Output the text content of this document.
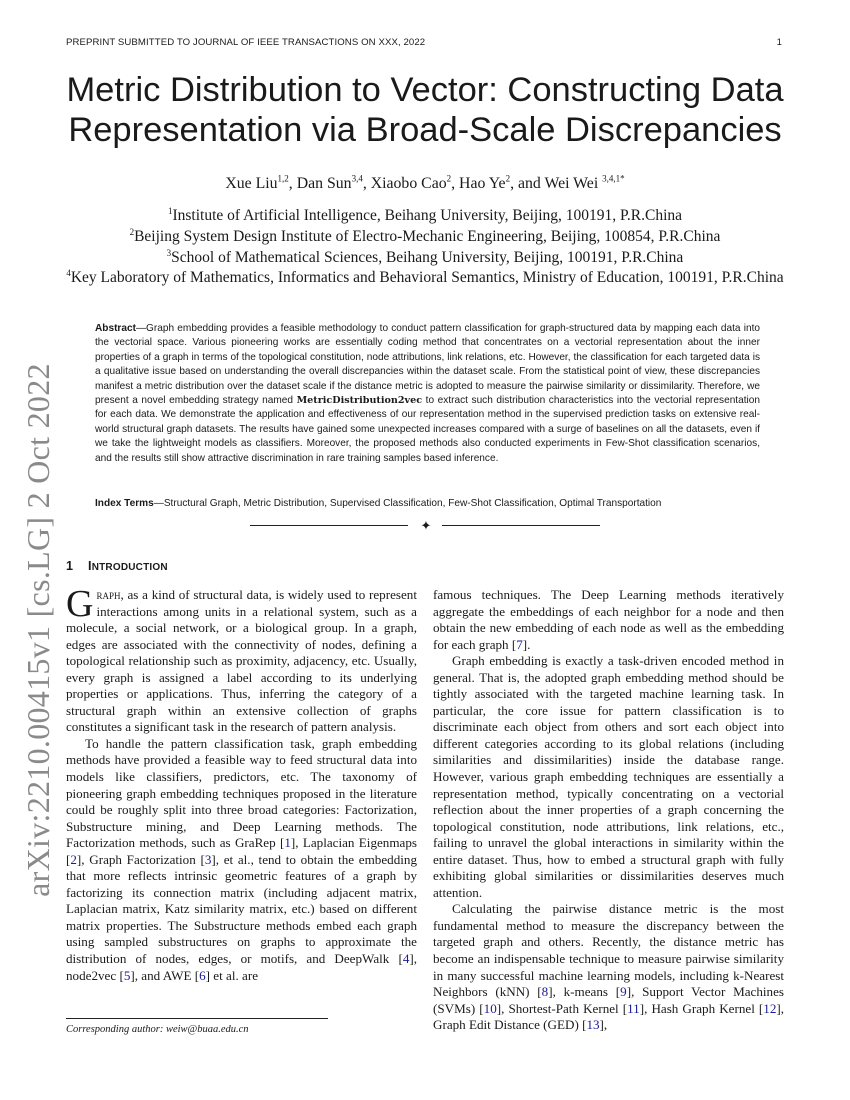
PREPRINT SUBMITTED TO JOURNAL OF IEEE TRANSACTIONS ON XXX, 2022	1
arXiv:2210.00415v1 [cs.LG] 2 Oct 2022
Metric Distribution to Vector: Constructing Data Representation via Broad-Scale Discrepancies
Xue Liu$^{1,2}$, Dan Sun$^{3,4}$, Xiaobo Cao$^2$, Hao Ye$^2$, and Wei Wei $^{3,4,1*}$
$^1$Institute of Artificial Intelligence, Beihang University, Beijing, 100191, P.R.China
$^2$Beijing System Design Institute of Electro-Mechanic Engineering, Beijing, 100854, P.R.China
$^3$School of Mathematical Sciences, Beihang University, Beijing, 100191, P.R.China
$^4$Key Laboratory of Mathematics, Informatics and Behavioral Semantics, Ministry of Education, 100191, P.R.China
Abstract—Graph embedding provides a feasible methodology to conduct pattern classification for graph-structured data by mapping each data into the vectorial space. Various pioneering works are essentially coding method that concentrates on a vectorial representation about the inner properties of a graph in terms of the topological constitution, node attributions, link relations, etc. However, the classification for each targeted data is a qualitative issue based on understanding the overall discrepancies within the dataset scale. From the statistical point of view, these discrepancies manifest a metric distribution over the dataset scale if the distance metric is adopted to measure the pairwise similarity or dissimilarity. Therefore, we present a novel embedding strategy named MetricDistribution2vec to extract such distribution characteristics into the vectorial representation for each data. We demonstrate the application and effectiveness of our representation method in the supervised prediction tasks on extensive real-world structural graph datasets. The results have gained some unexpected increases compared with a surge of baselines on all the datasets, even if we take the lightweight models as classifiers. Moreover, the proposed methods also conducted experiments in Few-Shot classification scenarios, and the results still show attractive discrimination in rare training samples based inference.
Index Terms—Structural Graph, Metric Distribution, Supervised Classification, Few-Shot Classification, Optimal Transportation
✦
1 INTRODUCTION

Graph, as a kind of structural data, is widely used to represent interactions among units in a relational system, such as a molecule, a social network, or a biological group. In a graph, edges are associated with the connectivity of nodes, defining a topological relationship such as proximity, adjacency, etc. Usually, every graph is assigned a label according to its underlying properties or applications. Thus, inferring the category of a structural graph within an extensive collection of graphs constitutes a significant task in the research of pattern analysis.

To handle the pattern classification task, graph embedding methods have provided a feasible way to feed structural data into models like classifiers, predictors, etc. The taxonomy of pioneering graph embedding techniques proposed in the literature could be roughly split into three broad categories: Factorization, Substructure mining, and Deep Learning methods. The Factorization methods, such as GraRep [1], Laplacian Eigenmaps [2], Graph Factorization [3], et al., tend to obtain the embedding that more reflects intrinsic geometric features of a graph by factorizing its connection matrix (including adjacent matrix, Laplacian matrix, Katz similarity matrix, etc.) based on different matrix properties. The Substructure methods embed each graph using sampled substructures on graphs to approximate the distribution of nodes, edges, or motifs, and DeepWalk [4], node2vec [5], and AWE [6] et al. are

famous techniques. The Deep Learning methods iteratively aggregate the embeddings of each neighbor for a node and then obtain the new embedding of each node as well as the embedding for each graph [7].

Graph embedding is exactly a task-driven encoded method in general. That is, the adopted graph embedding method should be tightly associated with the targeted machine learning task. In particular, the core issue for pattern classification is to discriminate each object from others and sort each object into different categories according to its global relations (including similarities and dissimilarities) inside the database range. However, various graph embedding techniques are essentially a representation method, typically concentrating on a vectorial reflection about the inner properties of a graph concerning the topological constitution, node attributions, link relations, etc., failing to unravel the global interactions in similarity within the entire dataset. Thus, how to embed a structural graph with fully exhibiting global similarities or dissimilarities deserves much attention.

Calculating the pairwise distance metric is the most fundamental method to measure the discrepancy between the targeted graph and others. Recently, the distance metric has become an indispensable technique to measure pairwise similarity in many successful machine learning models, including k-Nearest Neighbors (kNN) [8], k-means [9], Support Vector Machines (SVMs) [10], Shortest-Path Kernel [11], Hash Graph Kernel [12], Graph Edit Distance (GED) [13],

Corresponding author: weiw@buaa.edu.cn
